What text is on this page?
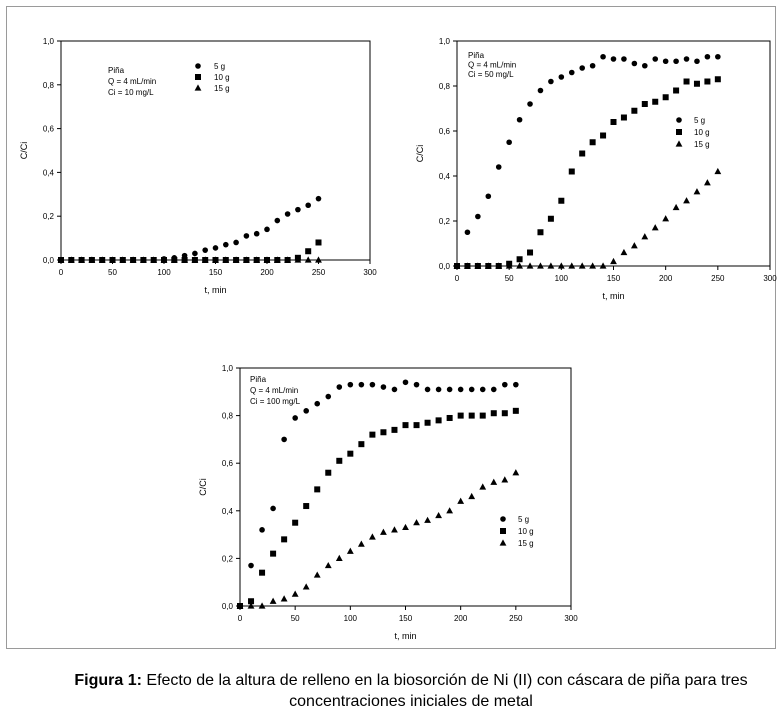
0	50	100	150	200	250	300
0,0
0,2
0,4
0,6
0,8
1,0
t, min
C/Ci
Piña
Q = 4 mL/min
Ci = 10 mg/L
5 g
10 g
15 g
0	50	100	150	200	250	300
0,0
0,2
0,4
0,6
0,8
1,0
t, min
C/Ci
Piña
Q = 4 mL/min
Ci = 50 mg/L
5 g
10 g
15 g
0	50	100	150	200	250	300
0,0
0,2
0,4
0,6
0,8
1,0
t, min
C/Ci
Piña
Q = 4 mL/min
Ci = 100 mg/L
5 g
10 g
15 g
Figura 1: Efecto de la altura de relleno en la biosorción de Ni (II) con cáscara de piña para tres concentraciones iniciales de metal
